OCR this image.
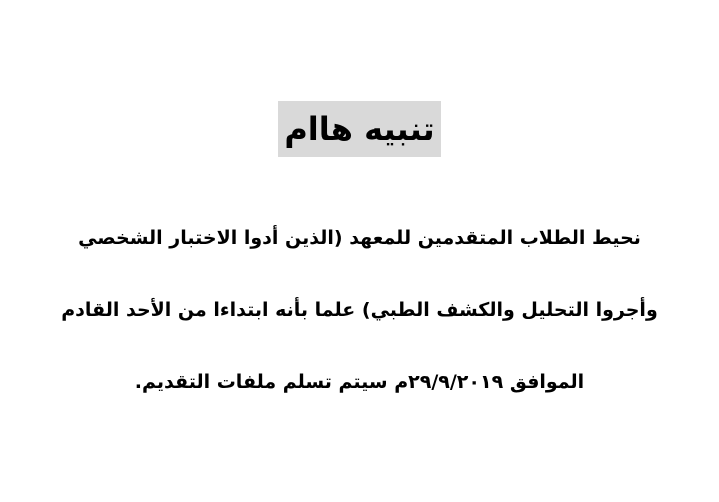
تنبيه هاام

نحيط الطلاب المتقدمين للمعهد (الذين أدوا الاختبار الشخصي

وأجروا التحليل والكشف الطبي) علما بأنه ابتداءا من الأحد القادم

الموافق ٢٩/٩/٢٠١٩م سيتم تسلم ملفات التقديم.
